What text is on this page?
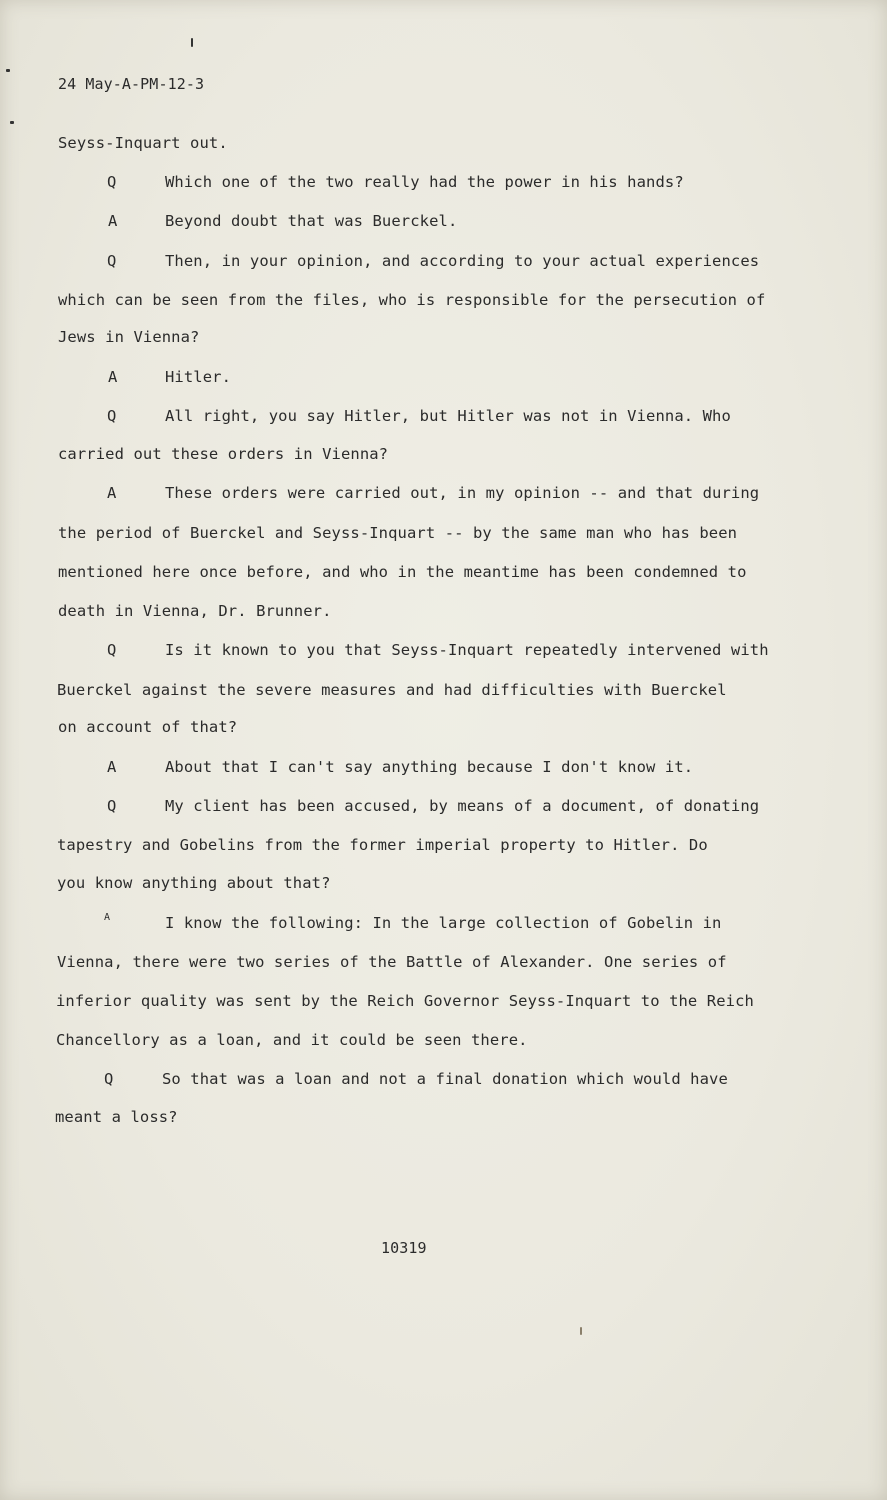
24 May-A-PM-12-3
Q
A
Q
A
Q
A
Q
A
Q
A
Q
Seyss-Inquart out.
Which one of the two really had the power in his hands?
Beyond doubt that was Buerckel.
Then, in your opinion, and according to your actual experiences
which can be seen from the files, who is responsible for the persecution of
Jews in Vienna?
Hitler.
All right, you say Hitler, but Hitler was not in Vienna. Who
carried out these orders in Vienna?
These orders were carried out, in my opinion -- and that during
the period of Buerckel and Seyss-Inquart -- by the same man who has been
mentioned here once before, and who in the meantime has been condemned to
death in Vienna, Dr. Brunner.
Is it known to you that Seyss-Inquart repeatedly intervened with
Buerckel against the severe measures and had difficulties with Buerckel
on account of that?
About that I can't say anything because I don't know it.
My client has been accused, by means of a document, of donating
tapestry and Gobelins from the former imperial property to Hitler. Do
you know anything about that?
I know the following: In the large collection of Gobelin in
Vienna, there were two series of the Battle of Alexander. One series of
inferior quality was sent by the Reich Governor Seyss-Inquart to the Reich
Chancellory as a loan, and it could be seen there.
So that was a loan and not a final donation which would have
meant a loss?
10319
